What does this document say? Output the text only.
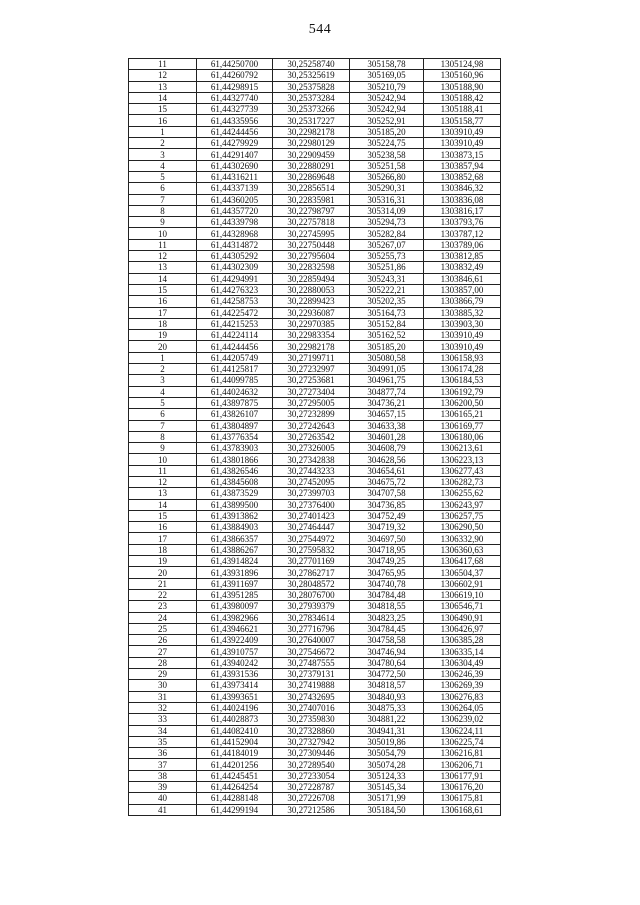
544
11	61,44250700	30,25258740	305158,78	1305124,98
12	61,44260792	30,25325619	305169,05	1305160,96
13	61,44298915	30,25375828	305210,79	1305188,90
14	61,44327740	30,25373284	305242,94	1305188,42
15	61,44327739	30,25373266	305242,94	1305188,41
16	61,44335956	30,25317227	305252,91	1305158,77
1	61,44244456	30,22982178	305185,20	1303910,49
2	61,44279929	30,22980129	305224,75	1303910,49
3	61,44291407	30,22909459	305238,58	1303873,15
4	61,44302690	30,22880291	305251,58	1303857,94
5	61,44316211	30,22869648	305266,80	1303852,68
6	61,44337139	30,22856514	305290,31	1303846,32
7	61,44360205	30,22835981	305316,31	1303836,08
8	61,44357720	30,22798797	305314,09	1303816,17
9	61,44339798	30,22757818	305294,73	1303793,76
10	61,44328968	30,22745995	305282,84	1303787,12
11	61,44314872	30,22750448	305267,07	1303789,06
12	61,44305292	30,22795604	305255,73	1303812,85
13	61,44302309	30,22832598	305251,86	1303832,49
14	61,44294991	30,22859494	305243,31	1303846,61
15	61,44276323	30,22880053	305222,21	1303857,00
16	61,44258753	30,22899423	305202,35	1303866,79
17	61,44225472	30,22936087	305164,73	1303885,32
18	61,44215253	30,22970385	305152,84	1303903,30
19	61,44224114	30,22983354	305162,52	1303910,49
20	61,44244456	30,22982178	305185,20	1303910,49
1	61,44205749	30,27199711	305080,58	1306158,93
2	61,44125817	30,27232997	304991,05	1306174,28
3	61,44099785	30,27253681	304961,75	1306184,53
4	61,44024632	30,27273404	304877,74	1306192,79
5	61,43897875	30,27295005	304736,21	1306200,50
6	61,43826107	30,27232899	304657,15	1306165,21
7	61,43804897	30,27242643	304633,38	1306169,77
8	61,43776354	30,27263542	304601,28	1306180,06
9	61,43783903	30,27326005	304608,79	1306213,61
10	61,43801866	30,27342838	304628,56	1306223,13
11	61,43826546	30,27443233	304654,61	1306277,43
12	61,43845608	30,27452095	304675,72	1306282,73
13	61,43873529	30,27399703	304707,58	1306255,62
14	61,43899500	30,27376400	304736,85	1306243,97
15	61,43913862	30,27401423	304752,49	1306257,75
16	61,43884903	30,27464447	304719,32	1306290,50
17	61,43866357	30,27544972	304697,50	1306332,90
18	61,43886267	30,27595832	304718,95	1306360,63
19	61,43914824	30,27701169	304749,25	1306417,68
20	61,43931896	30,27862717	304765,95	1306504,37
21	61,43911697	30,28048572	304740,78	1306602,91
22	61,43951285	30,28076700	304784,48	1306619,10
23	61,43980097	30,27939379	304818,55	1306546,71
24	61,43982966	30,27834614	304823,25	1306490,91
25	61,43946621	30,27716796	304784,45	1306426,97
26	61,43922409	30,27640007	304758,58	1306385,28
27	61,43910757	30,27546672	304746,94	1306335,14
28	61,43940242	30,27487555	304780,64	1306304,49
29	61,43931536	30,27379131	304772,50	1306246,39
30	61,43973414	30,27419888	304818,57	1306269,39
31	61,43993651	30,27432695	304840,93	1306276,83
32	61,44024196	30,27407016	304875,33	1306264,05
33	61,44028873	30,27359830	304881,22	1306239,02
34	61,44082410	30,27328860	304941,31	1306224,11
35	61,44152904	30,27327942	305019,86	1306225,74
36	61,44184019	30,27309446	305054,79	1306216,81
37	61,44201256	30,27289540	305074,28	1306206,71
38	61,44245451	30,27233054	305124,33	1306177,91
39	61,44264254	30,27228787	305145,34	1306176,20
40	61,44288148	30,27226708	305171,99	1306175,81
41	61,44299194	30,27212586	305184,50	1306168,61
